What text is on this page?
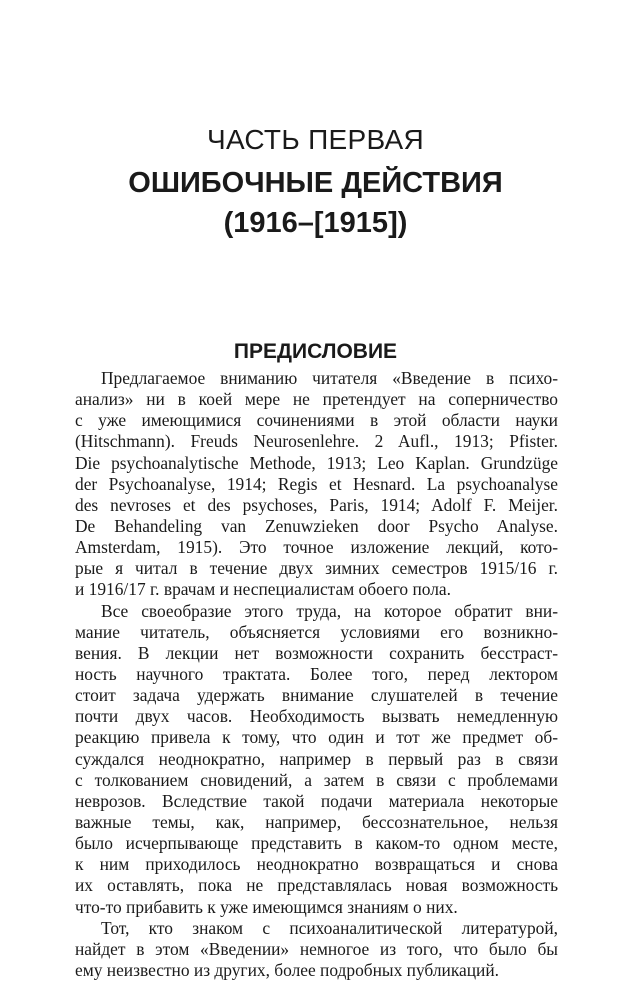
ЧАСТЬ ПЕРВАЯ
ОШИБОЧНЫЕ ДЕЙСТВИЯ
(1916–[1915])
ПРЕДИСЛОВИЕ
Предлагаемое вниманию читателя «Введение в психо-
анализ» ни в коей мере не претендует на соперничество
с уже имеющимися сочинениями в этой области науки
(Hitschmann). Freuds Neurosenlehre. 2 Aufl., 1913; Pfister.
Die psychoanalytische Methode, 1913; Leo Kaplan. Grundzüge
der Psychoanalyse, 1914; Regis et Hesnard. La psychoanalyse
des nevroses et des psychoses, Paris, 1914; Adolf F. Meijer.
De Behandeling van Zenuwzieken door Psycho Analyse.
Amsterdam, 1915). Это точное изложение лекций, кото-
рые я читал в течение двух зимних семестров 1915/16 г.
и 1916/17 г. врачам и неспециалистам обоего пола.
Все своеобразие этого труда, на которое обратит вни-
мание читатель, объясняется условиями его возникно-
вения. В лекции нет возможности сохранить бесстраст-
ность научного трактата. Более того, перед лектором
стоит задача удержать внимание слушателей в течение
почти двух часов. Необходимость вызвать немедленную
реакцию привела к тому, что один и тот же предмет об-
суждался неоднократно, например в первый раз в связи
с толкованием сновидений, а затем в связи с проблемами
неврозов. Вследствие такой подачи материала некоторые
важные темы, как, например, бессознательное, нельзя
было исчерпывающе представить в каком-то одном месте,
к ним приходилось неоднократно возвращаться и снова
их оставлять, пока не представлялась новая возможность
что-то прибавить к уже имеющимся знаниям о них.
Тот, кто знаком с психоаналитической литературой,
найдет в этом «Введении» немногое из того, что было бы
ему неизвестно из других, более подробных публикаций.
